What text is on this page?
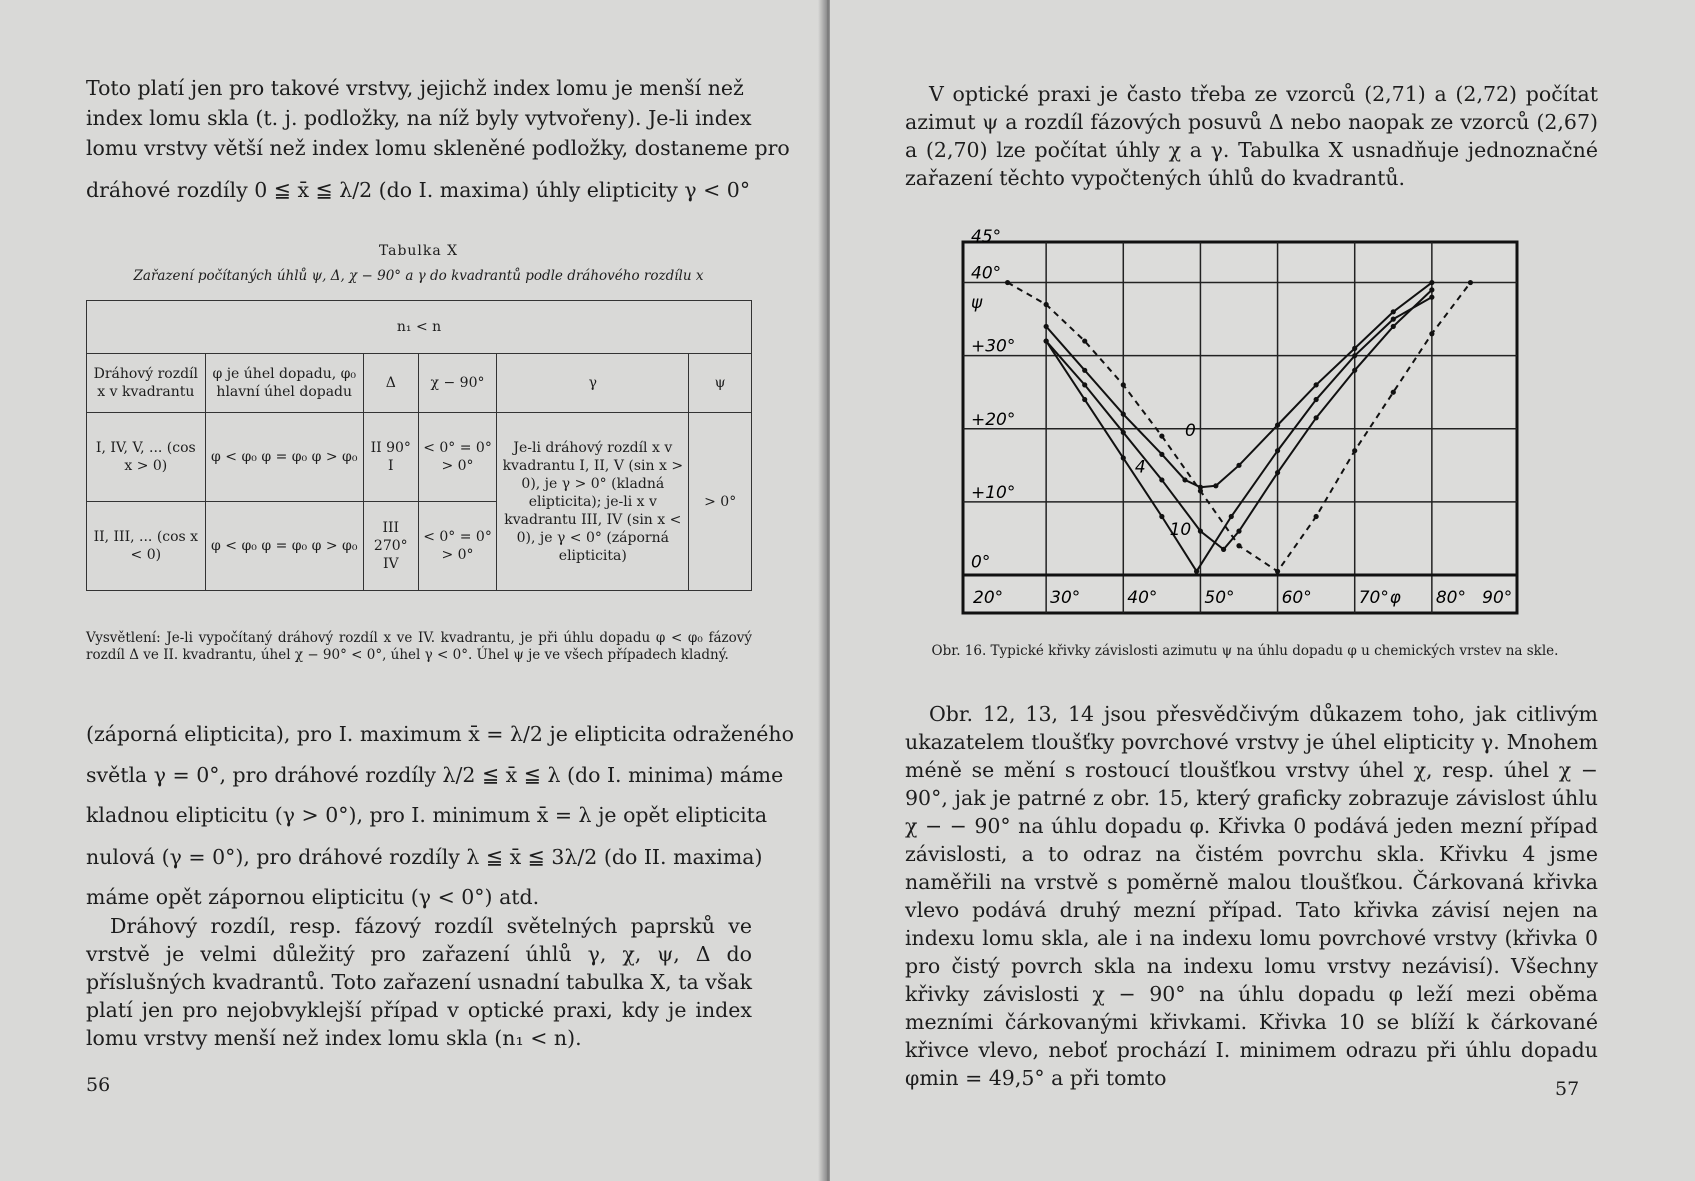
Toto platí jen pro takové vrstvy, jejichž index lomu je menší než
index lomu skla (t. j. podložky, na níž byly vytvořeny). Je-li index
lomu vrstvy větší než index lomu skleněné podložky, dostaneme pro
dráhové rozdíly 0 ≦ x̄ ≦ λ/2 (do I. maxima) úhly elipticity γ < 0°
Tabulka X
Zařazení počítaných úhlů ψ, Δ, χ − 90° a γ do kvadrantů podle dráhového rozdílu x
n₁ < n					
Dráhový rozdíl x v kvadrantu	φ je úhel dopadu, φ₀ hlavní úhel dopadu	Δ	χ − 90°	γ	ψ
I, IV, V, ... (cos x > 0)	φ < φ₀ φ = φ₀ φ > φ₀	II 90° I	< 0° = 0° > 0°	Je-li dráhový rozdíl x v kvadrantu I, II, V (sin x > 0), je γ > 0° (kladná elipticita); je-li x v kvadrantu III, IV (sin x < 0), je γ < 0° (záporná elipticita)	> 0°
II, III, ... (cos x < 0)	φ < φ₀ φ = φ₀ φ > φ₀	III 270° IV	< 0° = 0° > 0°		
Vysvětlení: Je-li vypočítaný dráhový rozdíl x ve IV. kvadrantu, je při úhlu dopadu φ < φ₀ fázový rozdíl Δ ve II. kvadrantu, úhel χ − 90° < 0°, úhel γ < 0°. Úhel ψ je ve všech případech kladný.
(záporná elipticita), pro I. maximum x̄ = λ/2 je elipticita odraženého
světla γ = 0°, pro dráhové rozdíly λ/2 ≦ x̄ ≦ λ (do I. minima) máme
kladnou elipticitu (γ > 0°), pro I. minimum x̄ = λ je opět elipticita
nulová (γ = 0°), pro dráhové rozdíly λ ≦ x̄ ≦ 3λ/2 (do II. maxima)
máme opět zápornou elipticitu (γ < 0°) atd.

Dráhový rozdíl, resp. fázový rozdíl světelných paprsků ve vrstvě je velmi důležitý pro zařazení úhlů γ, χ, ψ, Δ do příslušných kvadrantů. Toto zařazení usnadní tabulka X, ta však platí jen pro nejobvyklejší případ v optické praxi, kdy je index lomu vrstvy menší než index lomu skla (n₁ < n).

56

V optické praxi je často třeba ze vzorců (2,71) a (2,72) počítat azimut ψ a rozdíl fázových posuvů Δ nebo naopak ze vzorců (2,67) a (2,70) lze počítat úhly χ a γ. Tabulka X usnadňuje jednoznačné zařazení těchto vypočtených úhlů do kvadrantů.

20°	30°	40°	50°	60°	70° φ 80° 90°
45°
40°
ψ
+30°
+20°
+10°
0°
0
4
10
Obr. 16. Typické křivky závislosti azimutu ψ na úhlu dopadu φ u chemických vrstev na skle.

Obr. 12, 13, 14 jsou přesvědčivým důkazem toho, jak citlivým ukazatelem tloušťky povrchové vrstvy je úhel elipticity γ. Mnohem méně se mění s rostoucí tloušťkou vrstvy úhel χ, resp. úhel χ − 90°, jak je patrné z obr. 15, který graficky zobrazuje závislost úhlu χ − − 90° na úhlu dopadu φ. Křivka 0 podává jeden mezní případ závislosti, a to odraz na čistém povrchu skla. Křivku 4 jsme naměřili na vrstvě s poměrně malou tloušťkou. Čárkovaná křivka vlevo podává druhý mezní případ. Tato křivka závisí nejen na indexu lomu skla, ale i na indexu lomu povrchové vrstvy (křivka 0 pro čistý povrch skla na indexu lomu vrstvy nezávisí). Všechny křivky závislosti χ − 90° na úhlu dopadu φ leží mezi oběma mezními čárkovanými křivkami. Křivka 10 se blíží k čárkované křivce vlevo, neboť prochází I. minimem odrazu při úhlu dopadu φmin = 49,5° a při tomto	57
